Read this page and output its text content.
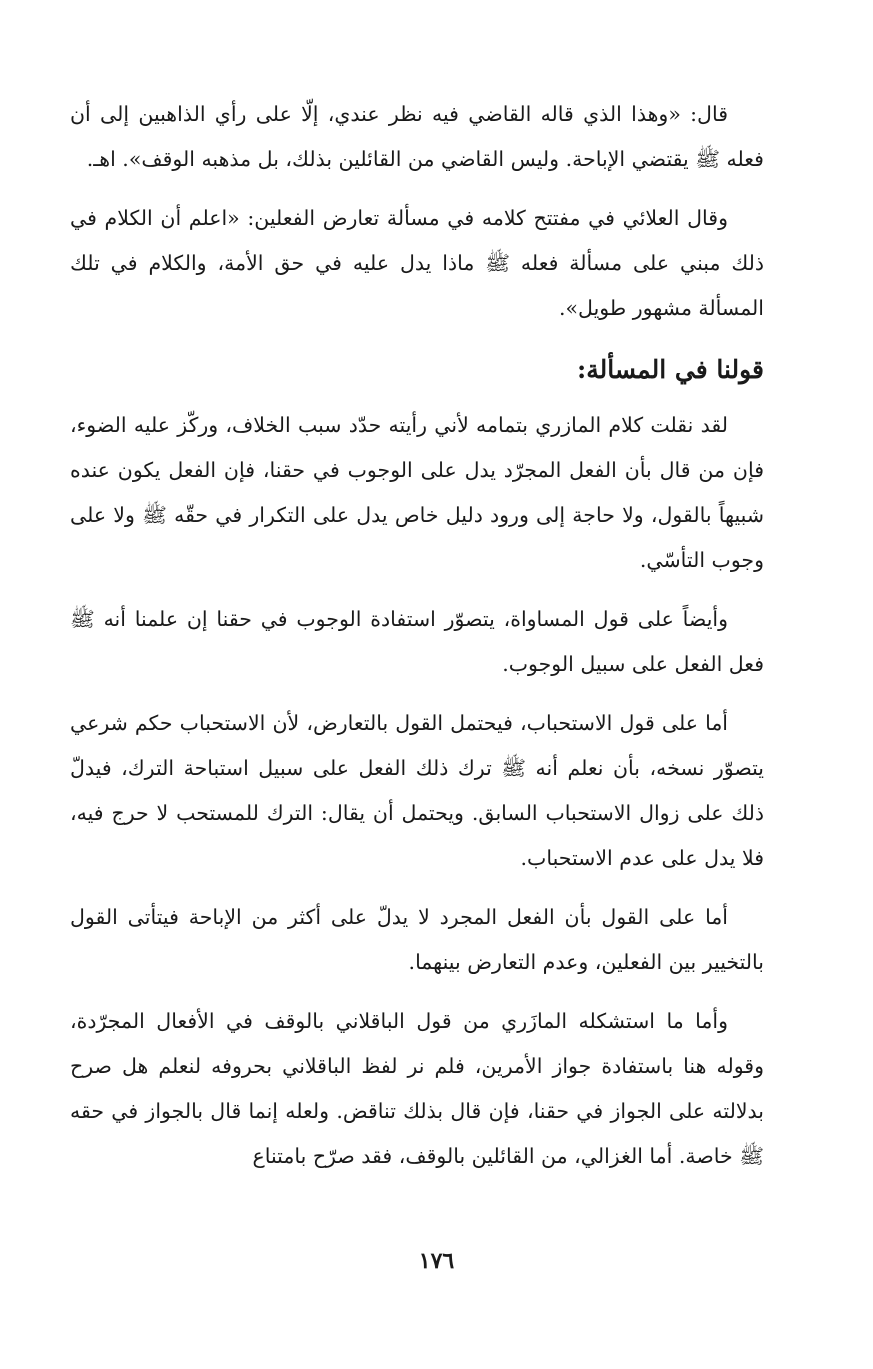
قال: «وهذا الذي قاله القاضي فيه نظر عندي، إلّا على رأي الذاهبين إلى أن فعله ﷺ يقتضي الإباحة. وليس القاضي من القائلين بذلك، بل مذهبه الوقف». اهـ.

وقال العلائي في مفتتح كلامه في مسألة تعارض الفعلين: «اعلم أن الكلام في ذلك مبني على مسألة فعله ﷺ ماذا يدل عليه في حق الأمة، والكلام في تلك المسألة مشهور طويل».

قولنا في المسألة:

لقد نقلت كلام المازري بتمامه لأني رأيته حدّد سبب الخلاف، وركّز عليه الضوء، فإن من قال بأن الفعل المجرّد يدل على الوجوب في حقنا، فإن الفعل يكون عنده شبيهاً بالقول، ولا حاجة إلى ورود دليل خاص يدل على التكرار في حقّه ﷺ ولا على وجوب التأسّي.

وأيضاً على قول المساواة، يتصوّر استفادة الوجوب في حقنا إن علمنا أنه ﷺ فعل الفعل على سبيل الوجوب.

أما على قول الاستحباب، فيحتمل القول بالتعارض، لأن الاستحباب حكم شرعي يتصوّر نسخه، بأن نعلم أنه ﷺ ترك ذلك الفعل على سبيل استباحة الترك، فيدلّ ذلك على زوال الاستحباب السابق. ويحتمل أن يقال: الترك للمستحب لا حرج فيه، فلا يدل على عدم الاستحباب.

أما على القول بأن الفعل المجرد لا يدلّ على أكثر من الإباحة فيتأتى القول بالتخيير بين الفعلين، وعدم التعارض بينهما.

وأما ما استشكله المازَري من قول الباقلاني بالوقف في الأفعال المجرّدة، وقوله هنا باستفادة جواز الأمرين، فلم نر لفظ الباقلاني بحروفه لنعلم هل صرح بدلالته على الجواز في حقنا، فإن قال بذلك تناقض. ولعله إنما قال بالجواز في حقه ﷺ خاصة. أما الغزالي، من القائلين بالوقف، فقد صرّح بامتناع

١٧٦
